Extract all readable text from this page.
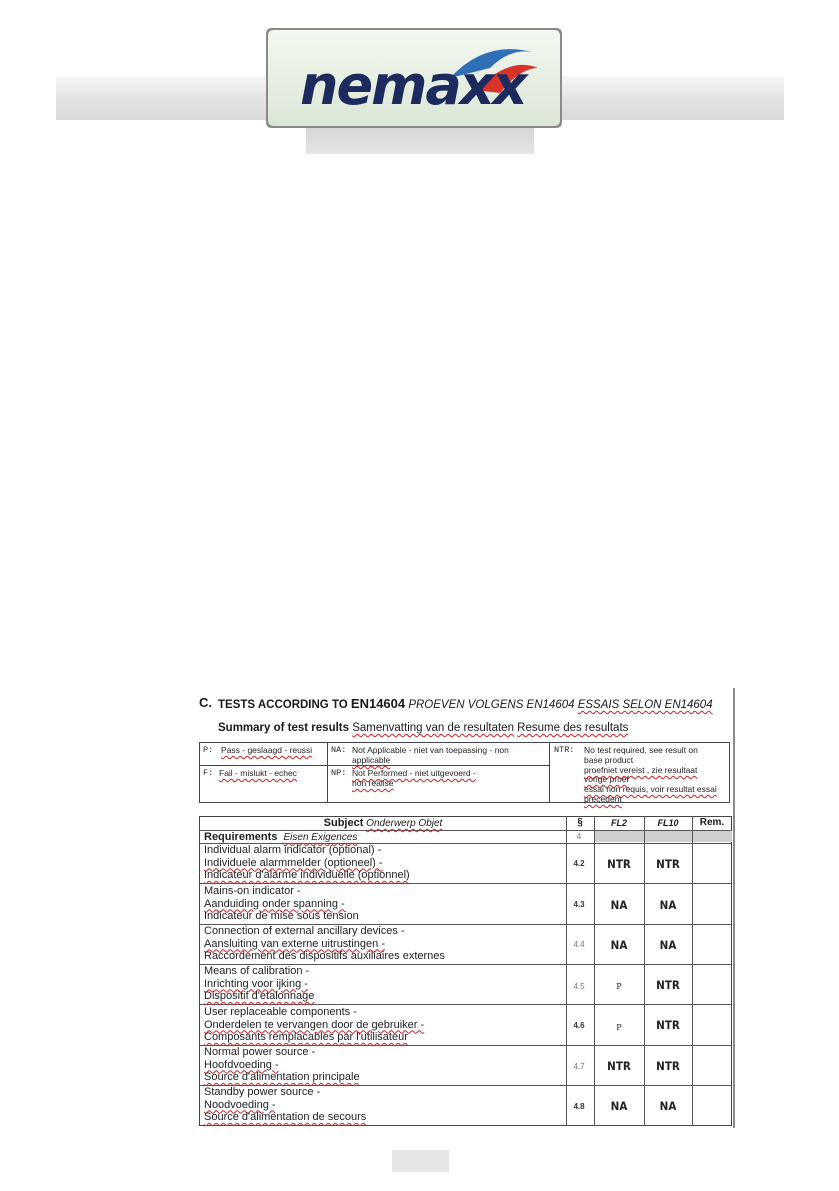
nemaxx
C. TESTS ACCORDING TO EN14604 PROEVEN VOLGENS EN14604 ESSAIS SELON EN14604
Summary of test results Samenvatting van de resultaten Resume des resultats
P: Pass - geslaagd - reussi
F: Fail - mislukt - echec
NA: Not Applicable - niet van toepassing - non
applicable
NP: Not Performed - niet uitgevoerd -
non realise
NTR: No test required, see result on
base product
proefniet vereist , zie resultaat
vorige proef
essai non requis, voir resultat essai
precedent
Subject Onderwerp Objet	§	FL2	FL10	Rem.
Requirements Eisen Exigences	4
Individual alarm indicator (optional) -
Individuele alarmmelder (optioneel) -
Indicateur d'alarme individuelle (optionnel)
4.2	NTR	NTR
Mains-on indicator -
Aanduiding onder spanning -
Indicateur de mise sous tension
4.3	NA	NA
Connection of external ancillary devices -
Aansluiting van externe uitrustingen -
Raccordement des dispositifs auxiliaires externes
4.4	NA	NA
Means of calibration -
Inrichting voor ijking -
Dispositif d'etalonnage
4.5	P	NTR
User replaceable components -
Onderdelen te vervangen door de gebruiker -
Composants remplacables par l'utilisateur
4.6	P	NTR
Normal power source -
Hoofdvoeding -
Source d'alimentation principale
4.7	NTR	NTR
Standby power source -
Noodvoeding -
Source d'alimentation de secours
4.8	NA	NA
